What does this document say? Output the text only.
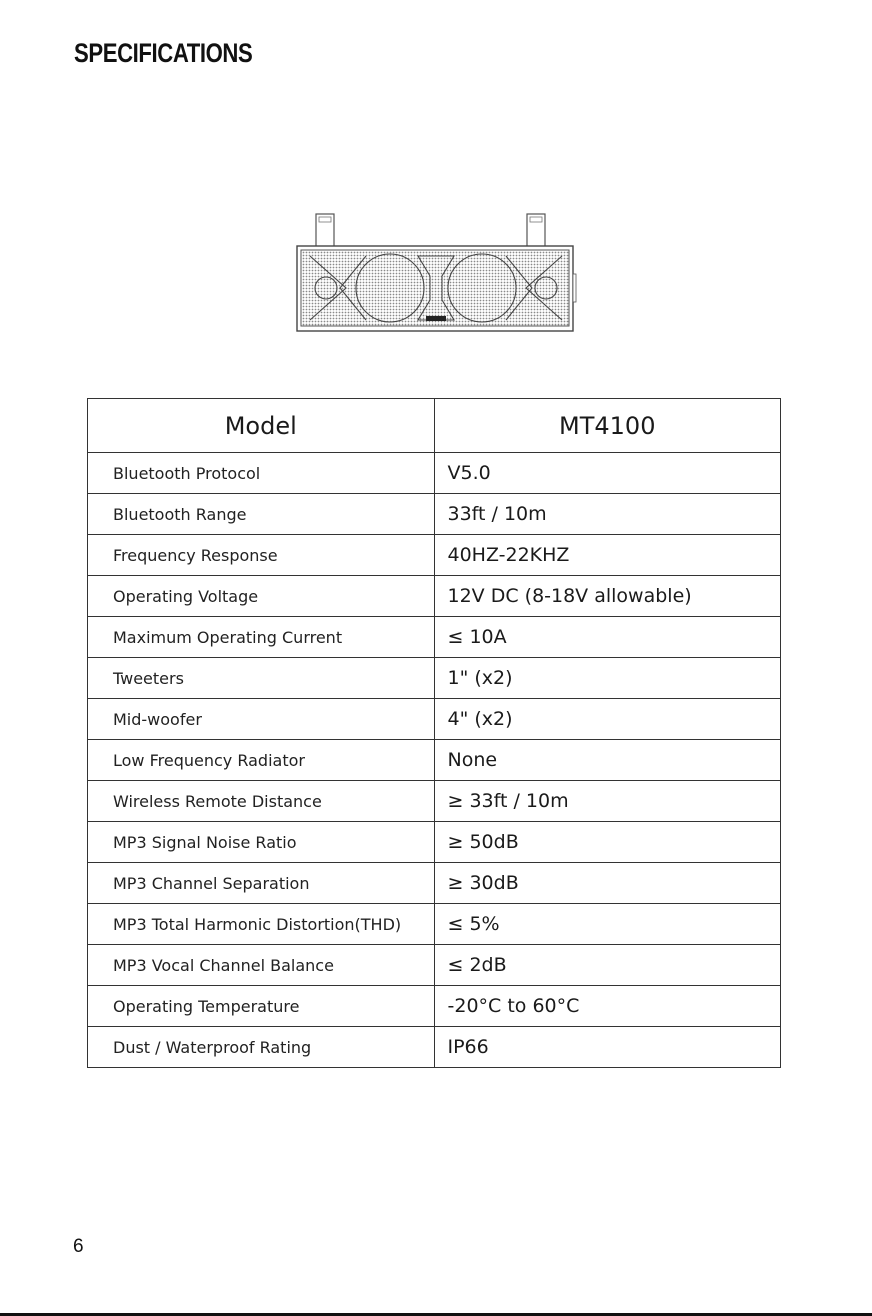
SPECIFICATIONS
Model	MT4100
Bluetooth Protocol	V5.0
Bluetooth Range	33ft / 10m
Frequency Response	40HZ-22KHZ
Operating Voltage	12V DC (8-18V allowable)
Maximum Operating Current	≤ 10A
Tweeters	1" (x2)
Mid-woofer	4" (x2)
Low Frequency Radiator	None
Wireless Remote Distance	≥ 33ft / 10m
MP3 Signal Noise Ratio	≥ 50dB
MP3 Channel Separation	≥ 30dB
MP3 Total Harmonic Distortion(THD)	≤ 5%
MP3 Vocal Channel Balance	≤ 2dB
Operating Temperature	-20°C to 60°C
Dust / Waterproof Rating	IP66
6
